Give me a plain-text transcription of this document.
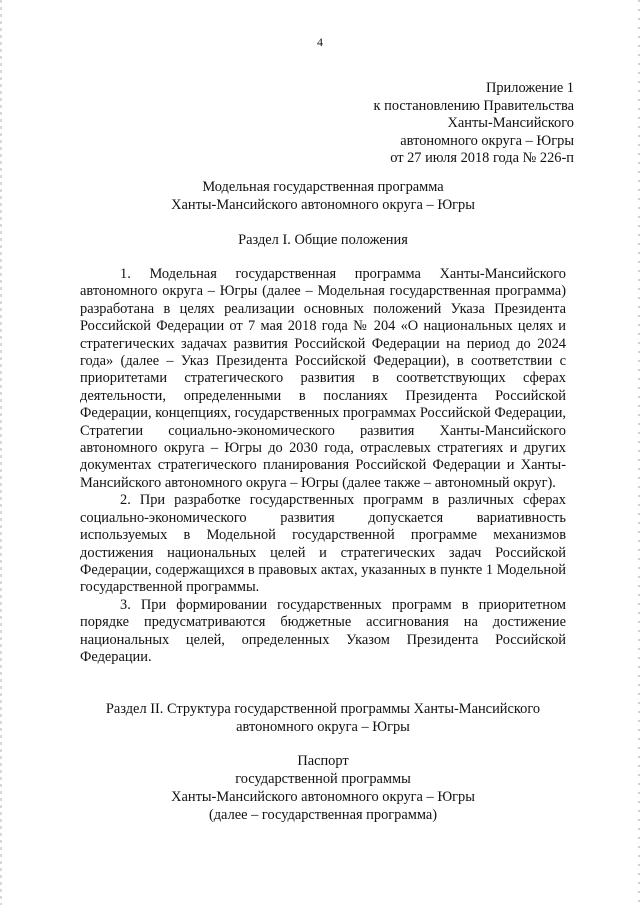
4
Приложение 1
к постановлению Правительства
Ханты-Мансийского
автономного округа – Югры
от 27 июля 2018 года № 226-п
Модельная государственная программа
Ханты-Мансийского автономного округа – Югры
Раздел I. Общие положения

1. Модельная государственная программа Ханты-Мансийского автономного округа – Югры (далее – Модельная государственная программа) разработана в целях реализации основных положений Указа Президента Российской Федерации от 7 мая 2018 года № 204 «О национальных целях и стратегических задачах развития Российской Федерации на период до 2024 года» (далее – Указ Президента Российской Федерации), в соответствии с приоритетами стратегического развития в соответствующих сферах деятельности, определенными в посланиях Президента Российской Федерации, концепциях, государственных программах Российской Федерации, Стратегии социально-экономического развития Ханты-Мансийского автономного округа – Югры до 2030 года, отраслевых стратегиях и других документах стратегического планирования Российской Федерации и Ханты-Мансийского автономного округа – Югры (далее также – автономный округ).

2. При разработке государственных программ в различных сферах социально-экономического развития допускается вариативность используемых в Модельной государственной программе механизмов достижения национальных целей и стратегических задач Российской Федерации, содержащихся в правовых актах, указанных в пункте 1 Модельной государственной программы.

3. При формировании государственных программ в приоритетном порядке предусматриваются бюджетные ассигнования на достижение национальных целей, определенных Указом Президента Российской Федерации.

Раздел II. Структура государственной программы Ханты-Мансийского
автономного округа – Югры
Паспорт
государственной программы
Ханты-Мансийского автономного округа – Югры
(далее – государственная программа)
